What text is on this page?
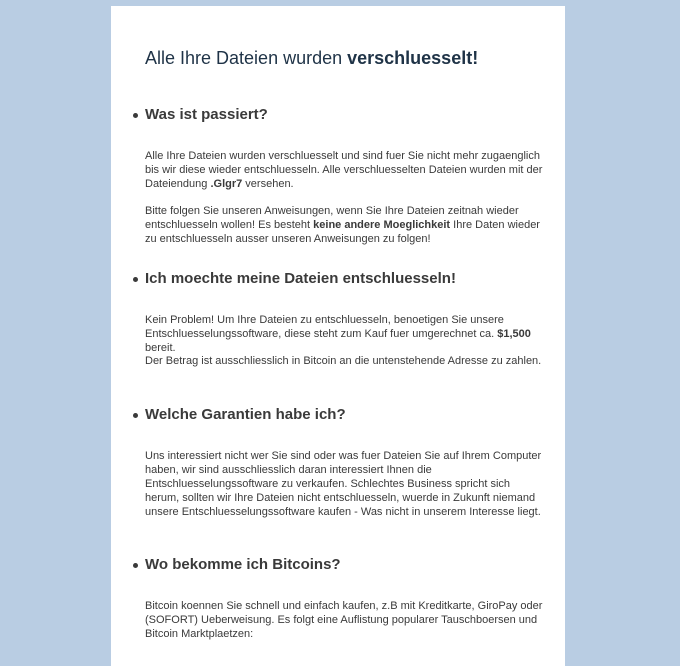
Alle Ihre Dateien wurden verschluesselt!
Was ist passiert?

Alle Ihre Dateien wurden verschluesselt und sind fuer Sie nicht mehr zugaenglich bis wir diese wieder entschluesseln. Alle verschluesselten Dateien wurden mit der Dateiendung .Glgr7 versehen.

Bitte folgen Sie unseren Anweisungen, wenn Sie Ihre Dateien zeitnah wieder entschluesseln wollen! Es besteht keine andere Moeglichkeit Ihre Daten wieder zu entschluesseln ausser unseren Anweisungen zu folgen!

Ich moechte meine Dateien entschluesseln!

Kein Problem! Um Ihre Dateien zu entschluesseln, benoetigen Sie unsere Entschluesselungssoftware, diese steht zum Kauf fuer umgerechnet ca. $1,500 bereit.

Der Betrag ist ausschliesslich in Bitcoin an die untenstehende Adresse zu zahlen.

Welche Garantien habe ich?

Uns interessiert nicht wer Sie sind oder was fuer Dateien Sie auf Ihrem Computer haben, wir sind ausschliesslich daran interessiert Ihnen die Entschluesselungssoftware zu verkaufen. Schlechtes Business spricht sich herum, sollten wir Ihre Dateien nicht entschluesseln, wuerde in Zukunft niemand unsere Entschluesselungssoftware kaufen - Was nicht in unserem Interesse liegt.

Wo bekomme ich Bitcoins?

Bitcoin koennen Sie schnell und einfach kaufen, z.B mit Kreditkarte, GiroPay oder (SOFORT) Ueberweisung. Es folgt eine Auflistung popularer Tauschboersen und Bitcoin Marktplaetzen:
